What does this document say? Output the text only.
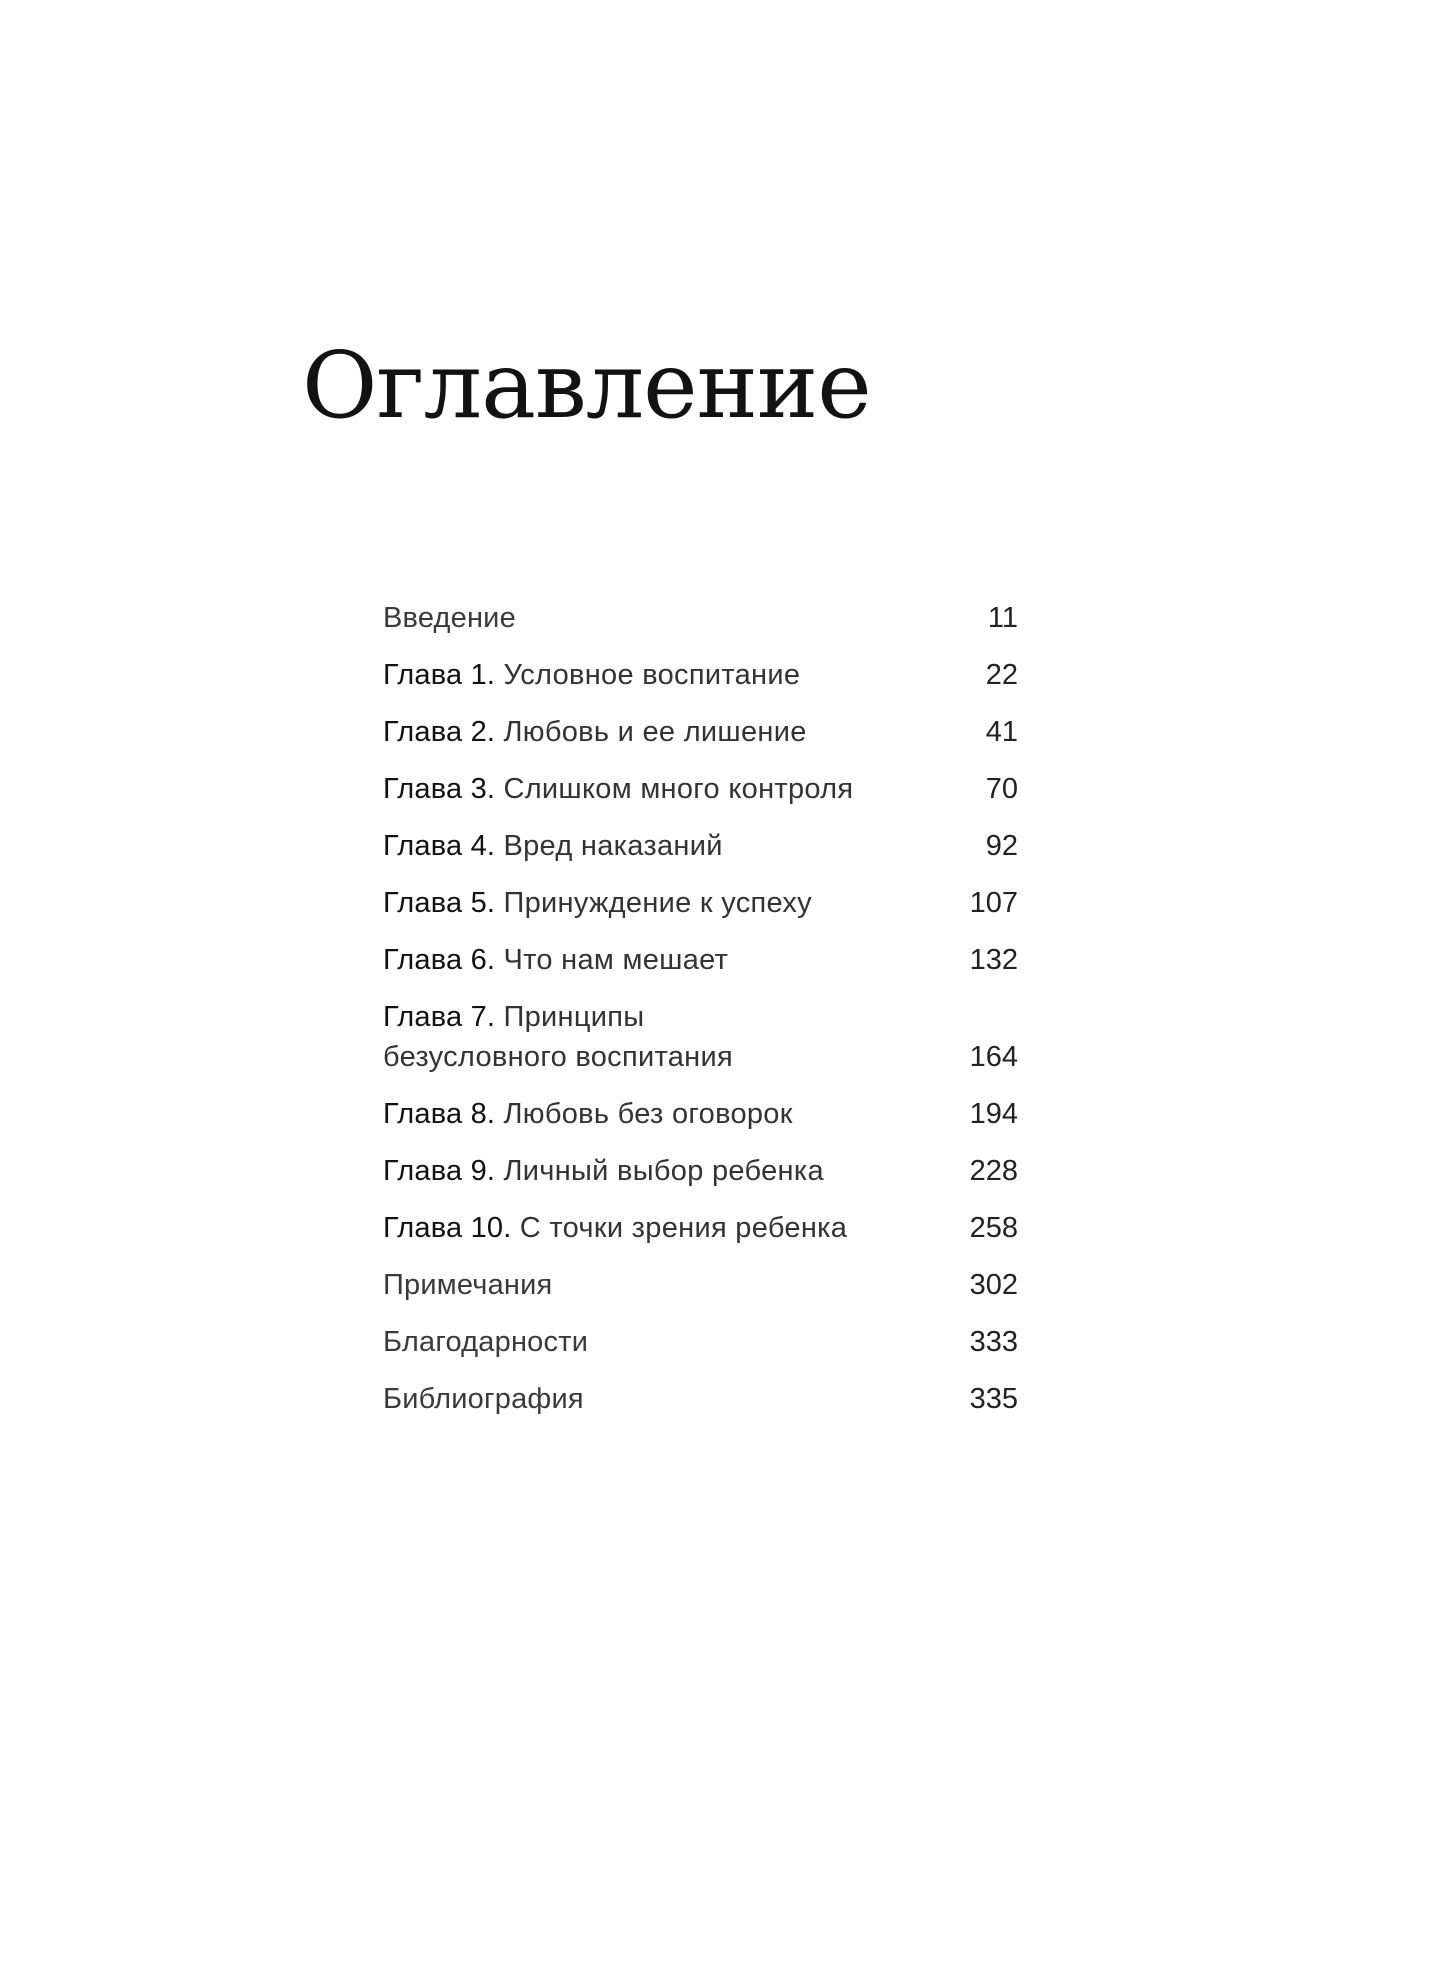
Оглавление
Введение	11
Глава 1. Условное воспитание	22
Глава 2. Любовь и ее лишение	41
Глава 3. Слишком много контроля	70
Глава 4. Вред наказаний	92
Глава 5. Принуждение к успеху	107
Глава 6. Что нам мешает	132
Глава 7. Принципы
безусловного воспитания	164
Глава 8. Любовь без оговорок	194
Глава 9. Личный выбор ребенка	228
Глава 10. С точки зрения ребенка	258
Примечания	302
Благодарности	333
Библиография	335
